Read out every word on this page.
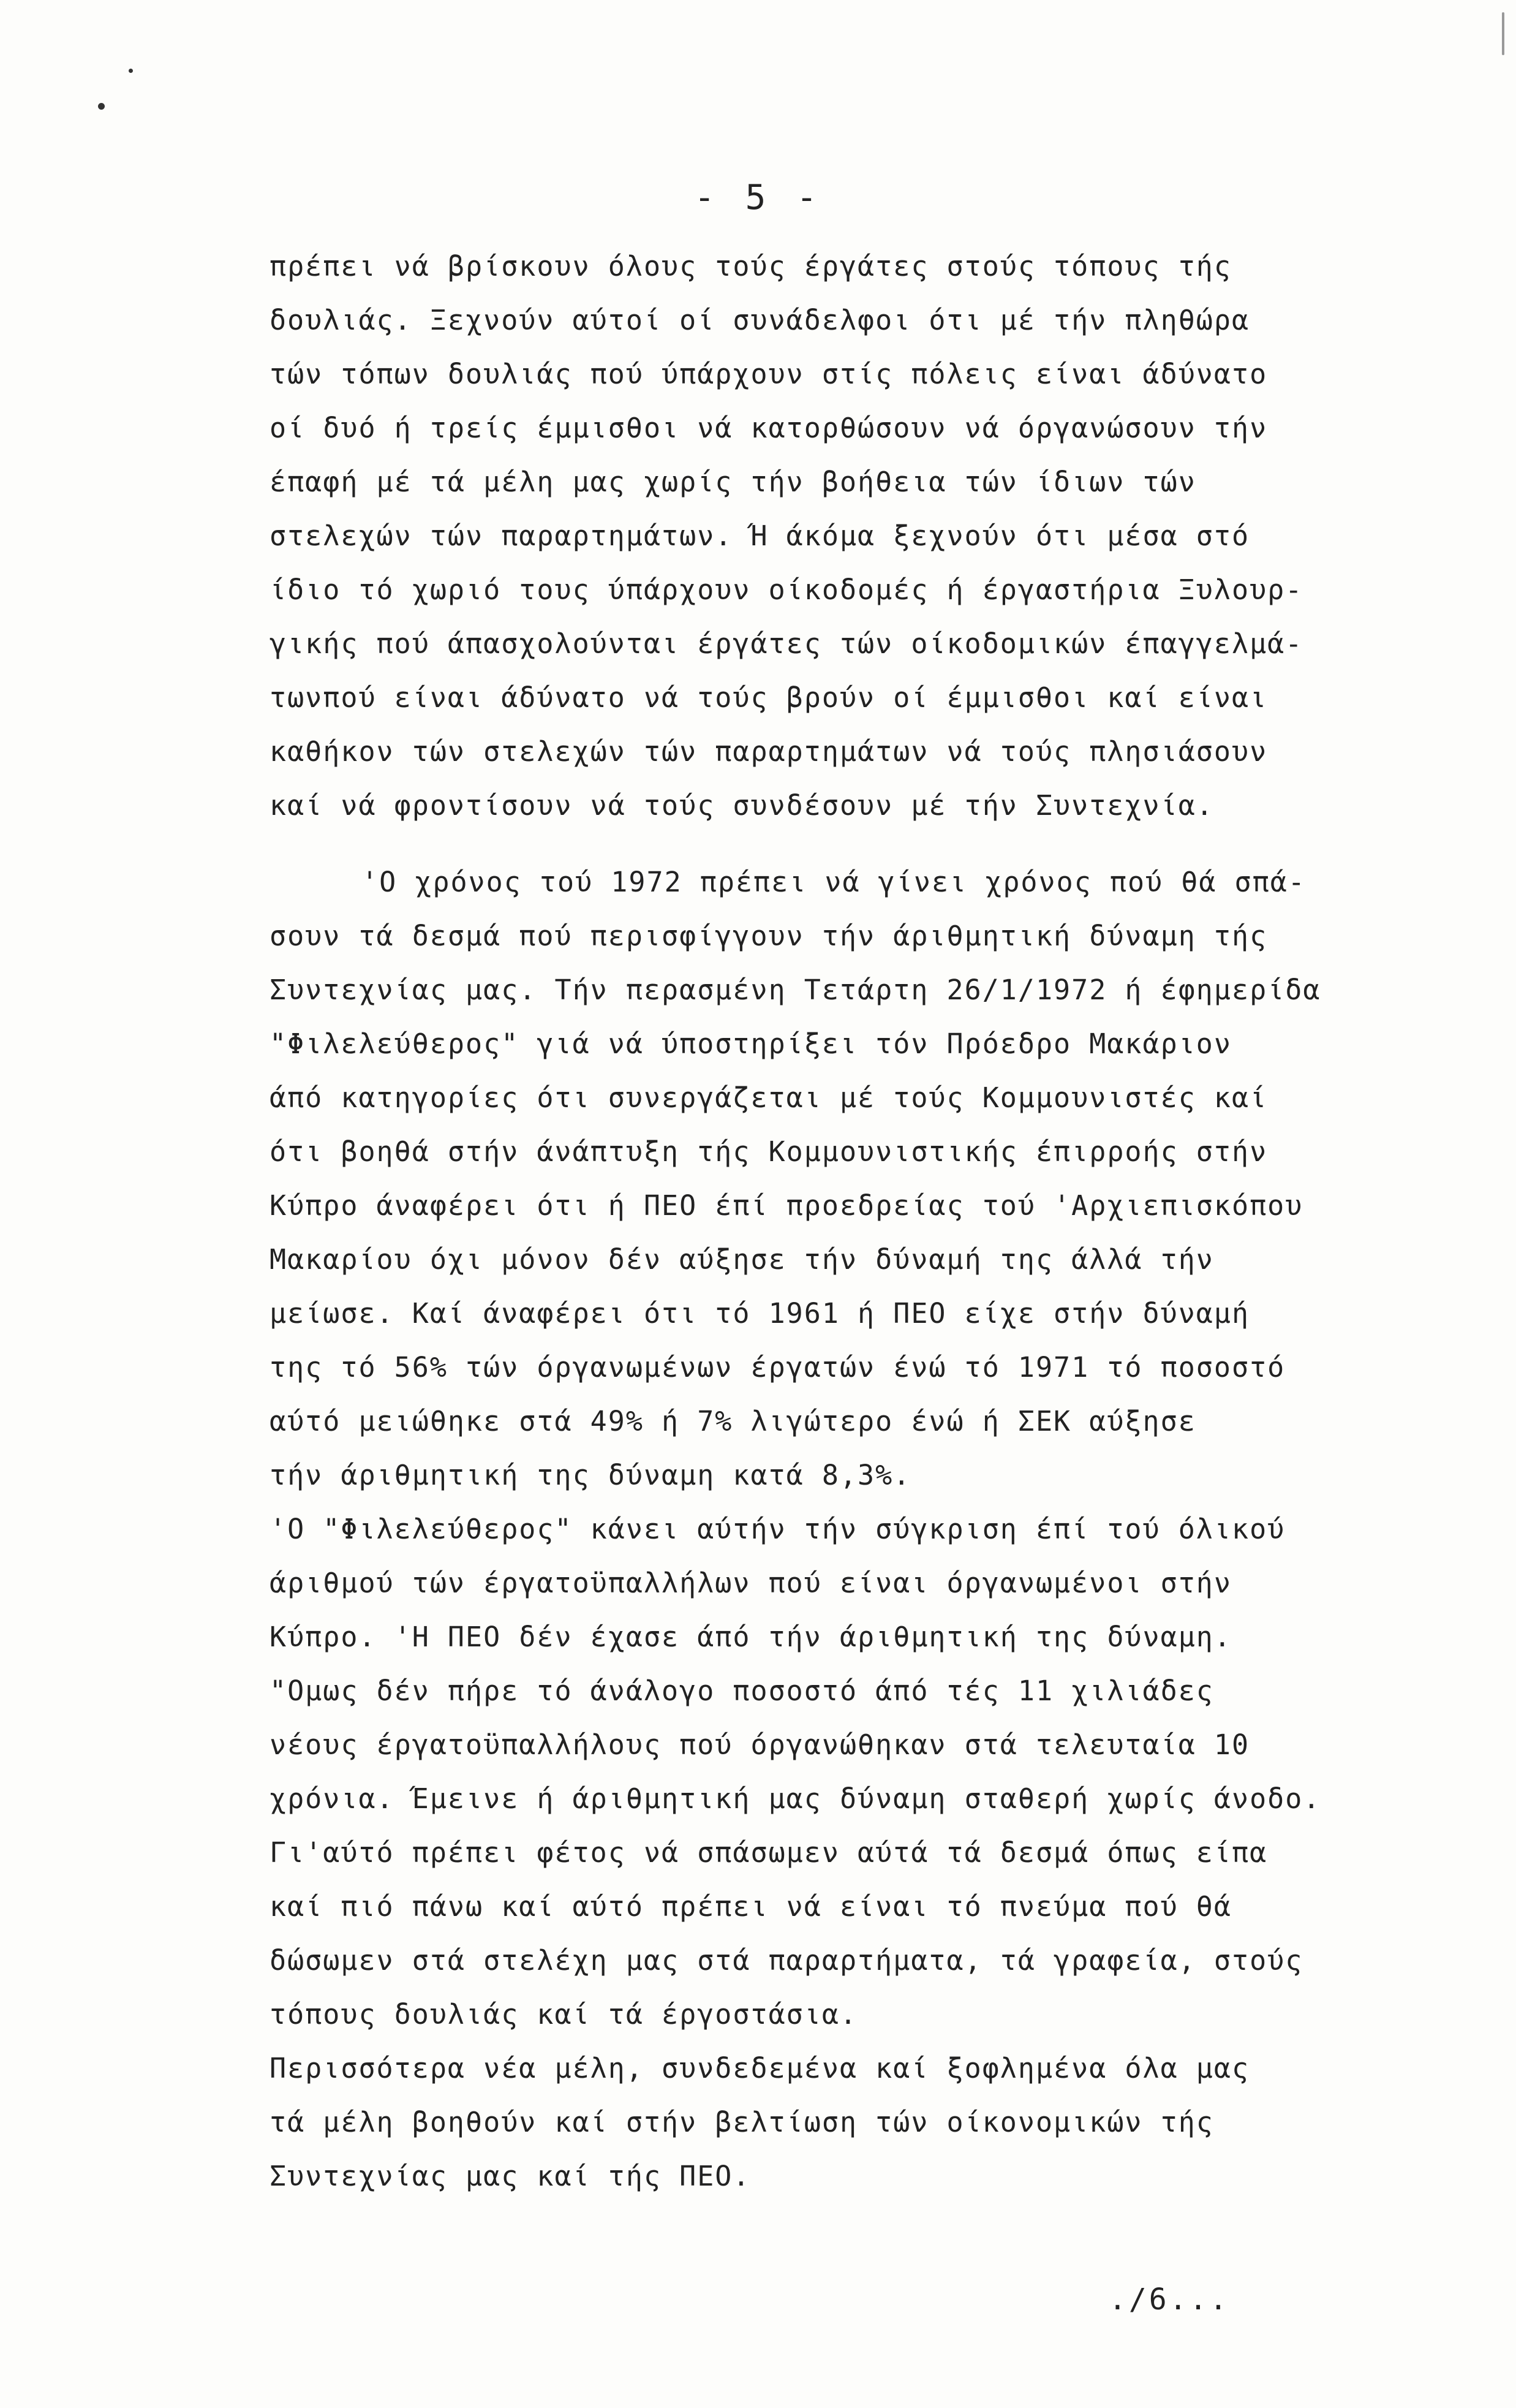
- 5 -
πρέπει νά βρίσκουν όλους τούς έργάτες στούς τόπους τής
δουλιάς. Ξεχνούν αύτοί οί συνάδελφοι ότι μέ τήν πληθώρα
τών τόπων δουλιάς πού ύπάρχουν στίς πόλεις είναι άδύνατο
οί δυό ή τρείς έμμισθοι νά κατορθώσουν νά όργανώσουν τήν
έπαφή μέ τά μέλη μας χωρίς τήν βοήθεια τών ίδιων τών
στελεχών τών παραρτημάτων. Ή άκόμα ξεχνούν ότι μέσα στό
ίδιο τό χωριό τους ύπάρχουν οίκοδομές ή έργαστήρια Ξυλουρ-
γικής πού άπασχολούνται έργάτες τών οίκοδομικών έπαγγελμά-
τωνπού είναι άδύνατο νά τούς βρούν οί έμμισθοι καί είναι
καθήκον τών στελεχών τών παραρτημάτων νά τούς πλησιάσουν
καί νά φροντίσουν νά τούς συνδέσουν μέ τήν Συντεχνία.
'Ο χρόνος τού 1972 πρέπει νά γίνει χρόνος πού θά σπά-
σουν τά δεσμά πού περισφίγγουν τήν άριθμητική δύναμη τής
Συντεχνίας μας. Τήν περασμένη Τετάρτη 26/1/1972 ή έφημερίδα
"Φιλελεύθερος" γιά νά ύποστηρίξει τόν Πρόεδρο Μακάριον
άπό κατηγορίες ότι συνεργάζεται μέ τούς Κομμουνιστές καί
ότι βοηθά στήν άνάπτυξη τής Κομμουνιστικής έπιρροής στήν
Κύπρο άναφέρει ότι ή ΠΕΟ έπί προεδρείας τού 'Αρχιεπισκόπου
Μακαρίου όχι μόνον δέν αύξησε τήν δύναμή της άλλά τήν
μείωσε. Καί άναφέρει ότι τό 1961 ή ΠΕΟ είχε στήν δύναμή
της τό 56% τών όργανωμένων έργατών ένώ τό 1971 τό ποσοστό
αύτό μειώθηκε στά 49% ή 7% λιγώτερο ένώ ή ΣΕΚ αύξησε
τήν άριθμητική της δύναμη κατά 8,3%.
'Ο "Φιλελεύθερος" κάνει αύτήν τήν σύγκριση έπί τού όλικού
άριθμού τών έργατοϋπαλλήλων πού είναι όργανωμένοι στήν
Κύπρο. 'Η ΠΕΟ δέν έχασε άπό τήν άριθμητική της δύναμη.
"Ομως δέν πήρε τό άνάλογο ποσοστό άπό τές 11 χιλιάδες
νέους έργατοϋπαλλήλους πού όργανώθηκαν στά τελευταία 10
χρόνια. Έμεινε ή άριθμητική μας δύναμη σταθερή χωρίς άνοδο.
Γι'αύτό πρέπει φέτος νά σπάσωμεν αύτά τά δεσμά όπως είπα
καί πιό πάνω καί αύτό πρέπει νά είναι τό πνεύμα πού θά
δώσωμεν στά στελέχη μας στά παραρτήματα, τά γραφεία, στούς
τόπους δουλιάς καί τά έργοστάσια.
Περισσότερα νέα μέλη, συνδεδεμένα καί ξοφλημένα όλα μας
τά μέλη βοηθούν καί στήν βελτίωση τών οίκονομικών τής
Συντεχνίας μας καί τής ΠΕΟ.
./6...
